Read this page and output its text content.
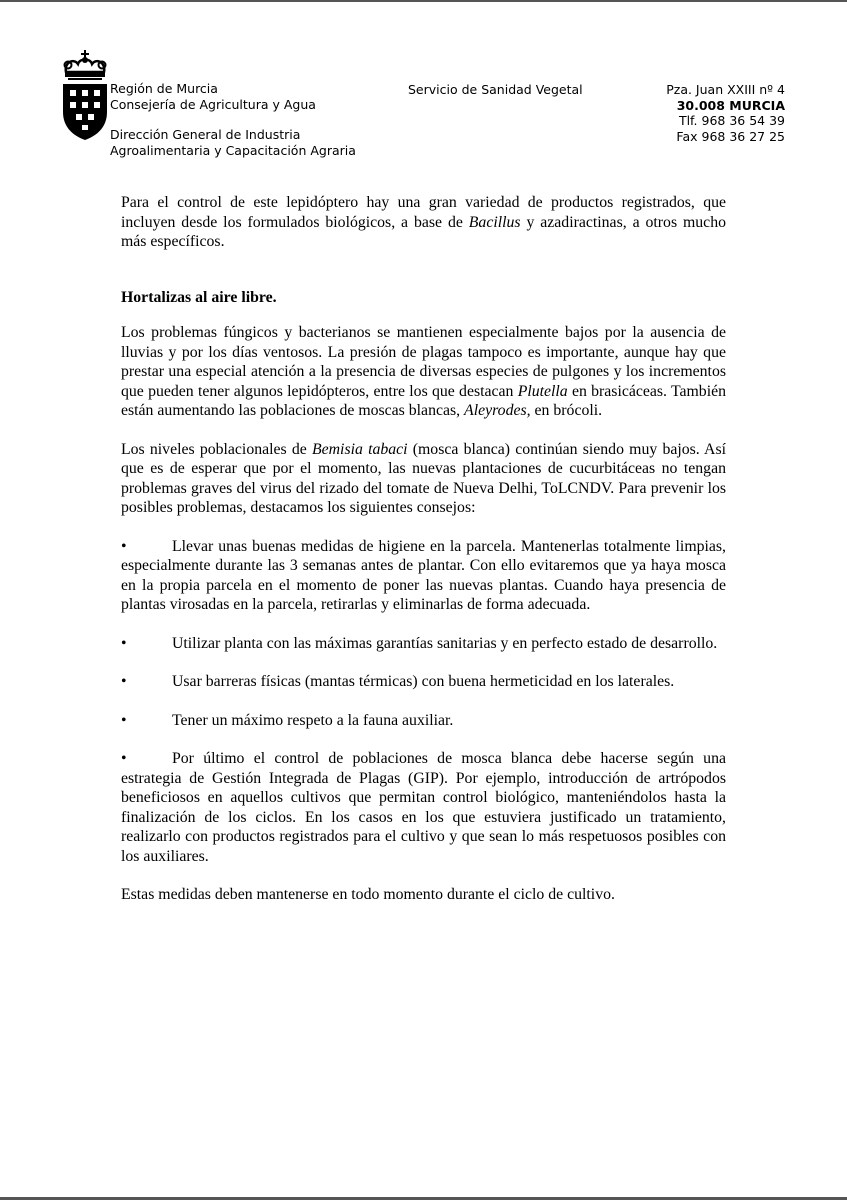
Región de Murcia
Consejería de Agricultura y Agua
Dirección General de Industria
Agroalimentaria y Capacitación Agraria
Servicio de Sanidad Vegetal	Pza. Juan XXIII nº 4
30.008 MURCIA
Tlf. 968 36 54 39
Fax 968 36 27 25

Para el control de este lepidóptero hay una gran variedad de productos registrados, que incluyen desde los formulados biológicos, a base de Bacillus y azadiractinas, a otros mucho más específicos.

Hortalizas al aire libre.

Los problemas fúngicos y bacterianos se mantienen especialmente bajos por la ausencia de lluvias y por los días ventosos. La presión de plagas tampoco es importante, aunque hay que prestar una especial atención a la presencia de diversas especies de pulgones y los incrementos que pueden tener algunos lepidópteros, entre los que destacan Plutella en brasicáceas. También están aumentando las poblaciones de moscas blancas, Aleyrodes, en brócoli.

Los niveles poblacionales de Bemisia tabaci (mosca blanca) continúan siendo muy bajos. Así que es de esperar que por el momento, las nuevas plantaciones de cucurbitáceas no tengan problemas graves del virus del rizado del tomate de Nueva Delhi, ToLCNDV. Para prevenir los posibles problemas, destacamos los siguientes consejos:

•	Llevar unas buenas medidas de higiene en la parcela. Mantenerlas totalmente limpias, especialmente durante las 3 semanas antes de plantar. Con ello evitaremos que ya haya mosca en la propia parcela en el momento de poner las nuevas plantas. Cuando haya presencia de plantas virosadas en la parcela, retirarlas y eliminarlas de forma adecuada.

•	Utilizar planta con las máximas garantías sanitarias y en perfecto estado de desarrollo.

•	Usar barreras físicas (mantas térmicas) con buena hermeticidad en los laterales.

•	Tener un máximo respeto a la fauna auxiliar.

•	Por último el control de poblaciones de mosca blanca debe hacerse según una estrategia de Gestión Integrada de Plagas (GIP). Por ejemplo, introducción de artrópodos beneficiosos en aquellos cultivos que permitan control biológico, manteniéndolos hasta la finalización de los ciclos. En los casos en los que estuviera justificado un tratamiento, realizarlo con productos registrados para el cultivo y que sean lo más respetuosos posibles con los auxiliares.

Estas medidas deben mantenerse en todo momento durante el ciclo de cultivo.
